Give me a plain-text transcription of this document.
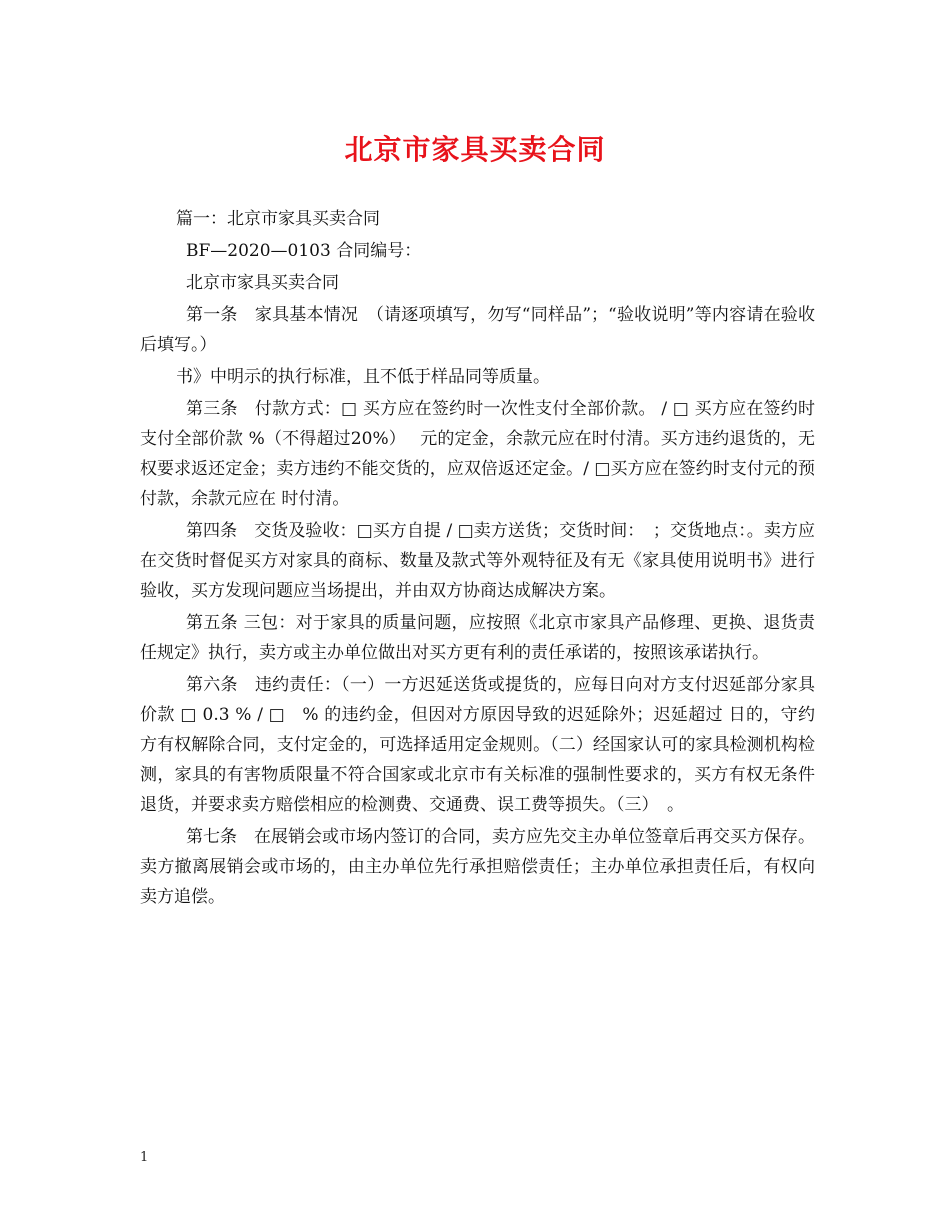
北京市家具买卖合同

篇一：北京市家具买卖合同

BF—2020—0103 合同编号：

北京市家具买卖合同

第一条　家具基本情况　（请逐项填写，勿写“同样品”；“验收说明”等内容请在验收后填写。）

书》中明示的执行标准，且不低于样品同等质量。

第三条　付款方式：□ 买方应在签约时一次性支付全部价款。 / □ 买方应在签约时支付全部价款 %（不得超过20%）　 元的定金，余款元应在时付清。买方违约退货的，无权要求返还定金；卖方违约不能交货的，应双倍返还定金。/ □买方应在签约时支付元的预付款，余款元应在 时付清。

第四条　交货及验收：□买方自提 / □卖方送货；交货时间：　；交货地点：。卖方应在交货时督促买方对家具的商标、数量及款式等外观特征及有无《家具使用说明书》进行验收，买方发现问题应当场提出，并由双方协商达成解决方案。

第五条 三包：对于家具的质量问题，应按照《北京市家具产品修理、更换、退货责任规定》执行，卖方或主办单位做出对买方更有利的责任承诺的，按照该承诺执行。

第六条　违约责任：（一）一方迟延送货或提货的，应每日向对方支付迟延部分家具价款 □ 0.3 % / □　% 的违约金，但因对方原因导致的迟延除外；迟延超过 日的，守约方有权解除合同，支付定金的，可选择适用定金规则。（二）经国家认可的家具检测机构检测，家具的有害物质限量不符合国家或北京市有关标准的强制性要求的，买方有权无条件退货，并要求卖方赔偿相应的检测费、交通费、误工费等损失。（三）　。

第七条　在展销会或市场内签订的合同，卖方应先交主办单位签章后再交买方保存。卖方撤离展销会或市场的，由主办单位先行承担赔偿责任；主办单位承担责任后，有权向卖方追偿。

1
